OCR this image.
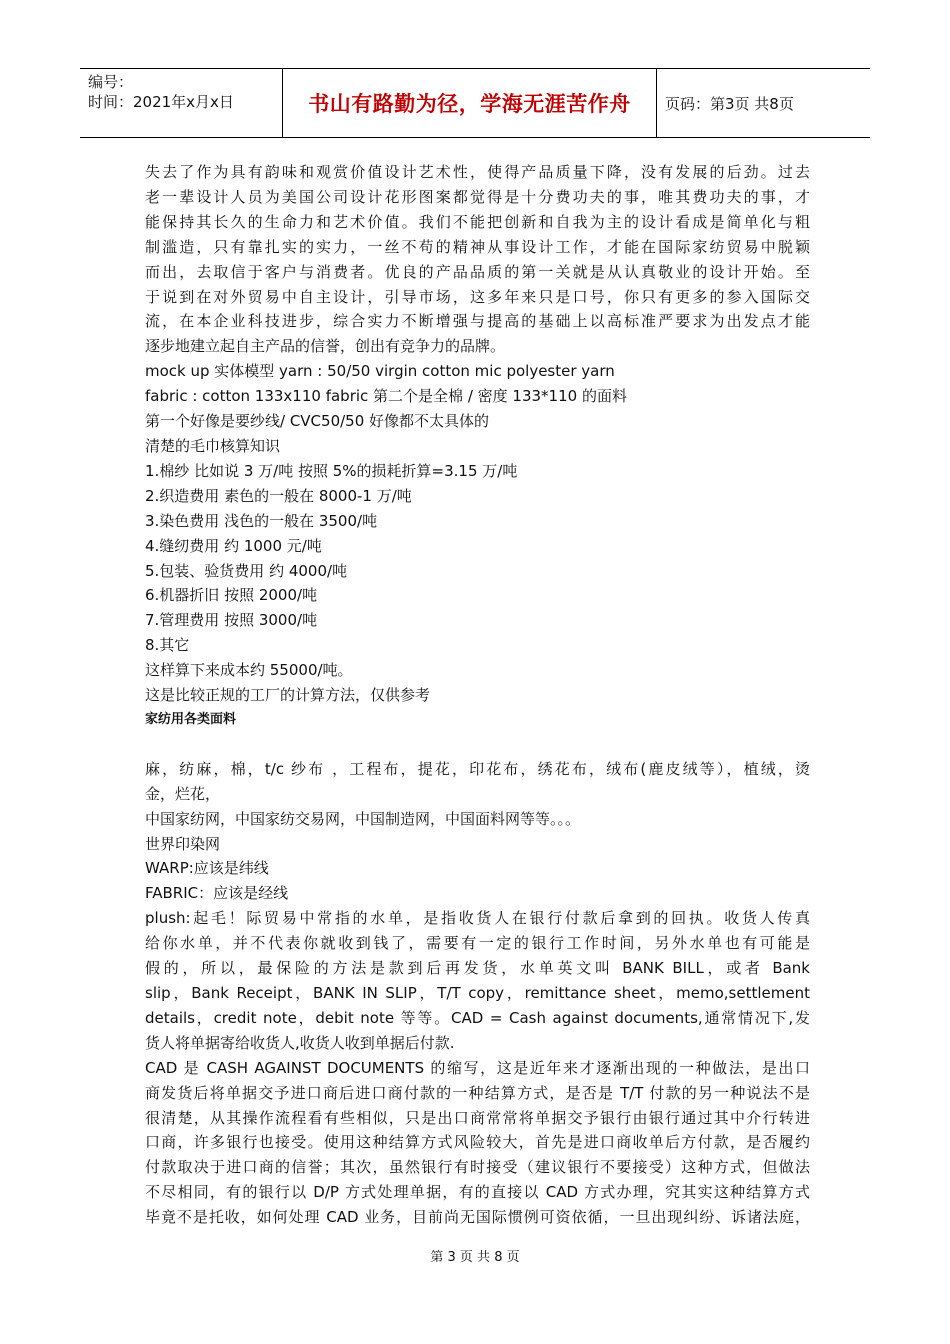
编号：
时间：2021年x月x日	书山有路勤为径，学海无涯苦作舟 页码：第3页 共8页
失去了作为具有韵味和观赏价值设计艺术性，使得产品质量下降，没有发展的后劲。过去
老一辈设计人员为美国公司设计花形图案都觉得是十分费功夫的事，唯其费功夫的事，才
能保持其长久的生命力和艺术价值。我们不能把创新和自我为主的设计看成是简单化与粗
制滥造，只有靠扎实的实力，一丝不苟的精神从事设计工作，才能在国际家纺贸易中脱颖
而出，去取信于客户与消费者。优良的产品品质的第一关就是从认真敬业的设计开始。至
于说到在对外贸易中自主设计，引导市场，这多年来只是口号，你只有更多的参入国际交
流，在本企业科技进步，综合实力不断增强与提高的基础上以高标准严要求为出发点才能
逐步地建立起自主产品的信誉，创出有竞争力的品牌。
mock up 实体模型 yarn : 50/50 virgin cotton mic polyester yarn
fabric : cotton 133x110 fabric 第二个是全棉 / 密度 133*110 的面料
第一个好像是要纱线/ CVC50/50 好像都不太具体的
清楚的毛巾核算知识
1.棉纱 比如说 3 万/吨 按照 5%的损耗折算=3.15 万/吨
2.织造费用 素色的一般在 8000-1 万/吨
3.染色费用 浅色的一般在 3500/吨
4.缝纫费用 约 1000 元/吨
5.包装、验货费用 约 4000/吨
6.机器折旧 按照 2000/吨
7.管理费用 按照 3000/吨
8.其它
这样算下来成本约 55000/吨。
这是比较正规的工厂的计算方法，仅供参考
家纺用各类面料
麻，纺麻，棉，t/c 纱布 ，工程布，提花，印花布，绣花布，绒布(鹿皮绒等），植绒，烫
金，烂花，
中国家纺网，中国家纺交易网，中国制造网，中国面料网等等。。。
世界印染网
WARP:应该是纬线
FABRIC：应该是经线
plush:起毛！际贸易中常指的水单，是指收货人在银行付款后拿到的回执。收货人传真
给你水单，并不代表你就收到钱了，需要有一定的银行工作时间，另外水单也有可能是
假的，所以，最保险的方法是款到后再发货，水单英文叫 BANK BILL，或者 Bank
slip，Bank Receipt，BANK IN SLIP，T/T copy，remittance sheet，memo,settlement
details，credit note，debit note 等等。CAD = Cash against documents,通常情况下,发
货人将单据寄给收货人,收货人收到单据后付款.
CAD 是 CASH AGAINST DOCUMENTS 的缩写，这是近年来才逐渐出现的一种做法，是出口
商发货后将单据交予进口商后进口商付款的一种结算方式，是否是 T/T 付款的另一种说法不是
很清楚，从其操作流程看有些相似，只是出口商常常将单据交予银行由银行通过其中介行转进
口商，许多银行也接受。使用这种结算方式风险较大，首先是进口商收单后方付款，是否履约
付款取决于进口商的信誉；其次，虽然银行有时接受（建议银行不要接受）这种方式，但做法
不尽相同，有的银行以 D/P 方式处理单据，有的直接以 CAD 方式办理，究其实这种结算方式
毕竟不是托收，如何处理 CAD 业务，目前尚无国际惯例可资依循，一旦出现纠纷、诉诸法庭，
第 3 页 共 8 页
